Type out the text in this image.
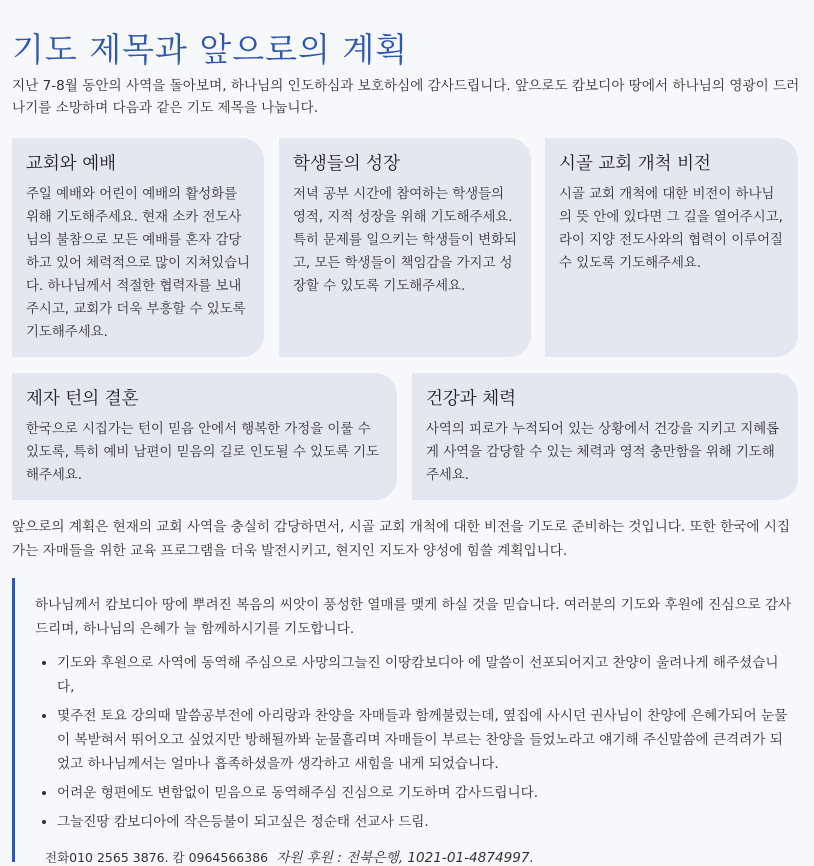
기도 제목과 앞으로의 계획

지난 7-8월 동안의 사역을 돌아보며, 하나님의 인도하심과 보호하심에 감사드립니다. 앞으로도 캄보디아 땅에서 하나님의 영광이 드러나기를 소망하며 다음과 같은 기도 제목을 나눕니다.

교회와 예배

주일 예배와 어린이 예배의 활성화를 위해 기도해주세요. 현재 소카 전도사님의 불참으로 모든 예배를 혼자 감당하고 있어 체력적으로 많이 지쳐있습니다. 하나님께서 적절한 협력자를 보내주시고, 교회가 더욱 부흥할 수 있도록 기도해주세요.

학생들의 성장

저녁 공부 시간에 참여하는 학생들의 영적, 지적 성장을 위해 기도해주세요. 특히 문제를 일으키는 학생들이 변화되고, 모든 학생들이 책임감을 가지고 성장할 수 있도록 기도해주세요.

시골 교회 개척 비전

시골 교회 개척에 대한 비전이 하나님의 뜻 안에 있다면 그 길을 열어주시고, 라이 지양 전도사와의 협력이 이루어질 수 있도록 기도해주세요.

제자 턴의 결혼

한국으로 시집가는 턴이 믿음 안에서 행복한 가정을 이룰 수 있도록, 특히 예비 남편이 믿음의 길로 인도될 수 있도록 기도해주세요.

건강과 체력

사역의 피로가 누적되어 있는 상황에서 건강을 지키고 지혜롭게 사역을 감당할 수 있는 체력과 영적 충만함을 위해 기도해주세요.

앞으로의 계획은 현재의 교회 사역을 충실히 감당하면서, 시골 교회 개척에 대한 비전을 기도로 준비하는 것입니다. 또한 한국에 시집가는 자매들을 위한 교육 프로그램을 더욱 발전시키고, 현지인 지도자 양성에 힘쓸 계획입니다.

하나님께서 캄보디아 땅에 뿌려진 복음의 씨앗이 풍성한 열매를 맺게 하실 것을 믿습니다. 여러분의 기도와 후원에 진심으로 감사드리며, 하나님의 은혜가 늘 함께하시기를 기도합니다.

• 기도와 후원으로 사역에 동역해 주심으로 사망의그늘진 이땅캄보디아 에 말씀이 선포되어지고 찬양이 울려나게 해주셨습니다,
• 몇주전 토요 강의때 말씀공부전에 아리랑과 찬양을 자매들과 함께불렀는데, 옆집에 사시던 권사님이 찬양에 은혜가되어 눈물이 복받혀서 뛰어오고 싶었지만 방해될까봐 눈물흘리며 자매들이 부르는 찬양을 들었노라고 얘기해 주신말씀에 큰격려가 되었고 하나님께서는 얼마나 흡족하셨을까 생각하고 새힘을 내게 되었습니다.
• 어려운 형편에도 변함없이 믿음으로 동역해주심 진심으로 기도하며 감사드립니다.
• 그늘진땅 캄보디아에 작은등불이 되고싶은 정순태 선교사 드림.
전화010 2565 3876. 캄 0964566386 자원 후원 : 전북은행, 1021-01-4874997.
